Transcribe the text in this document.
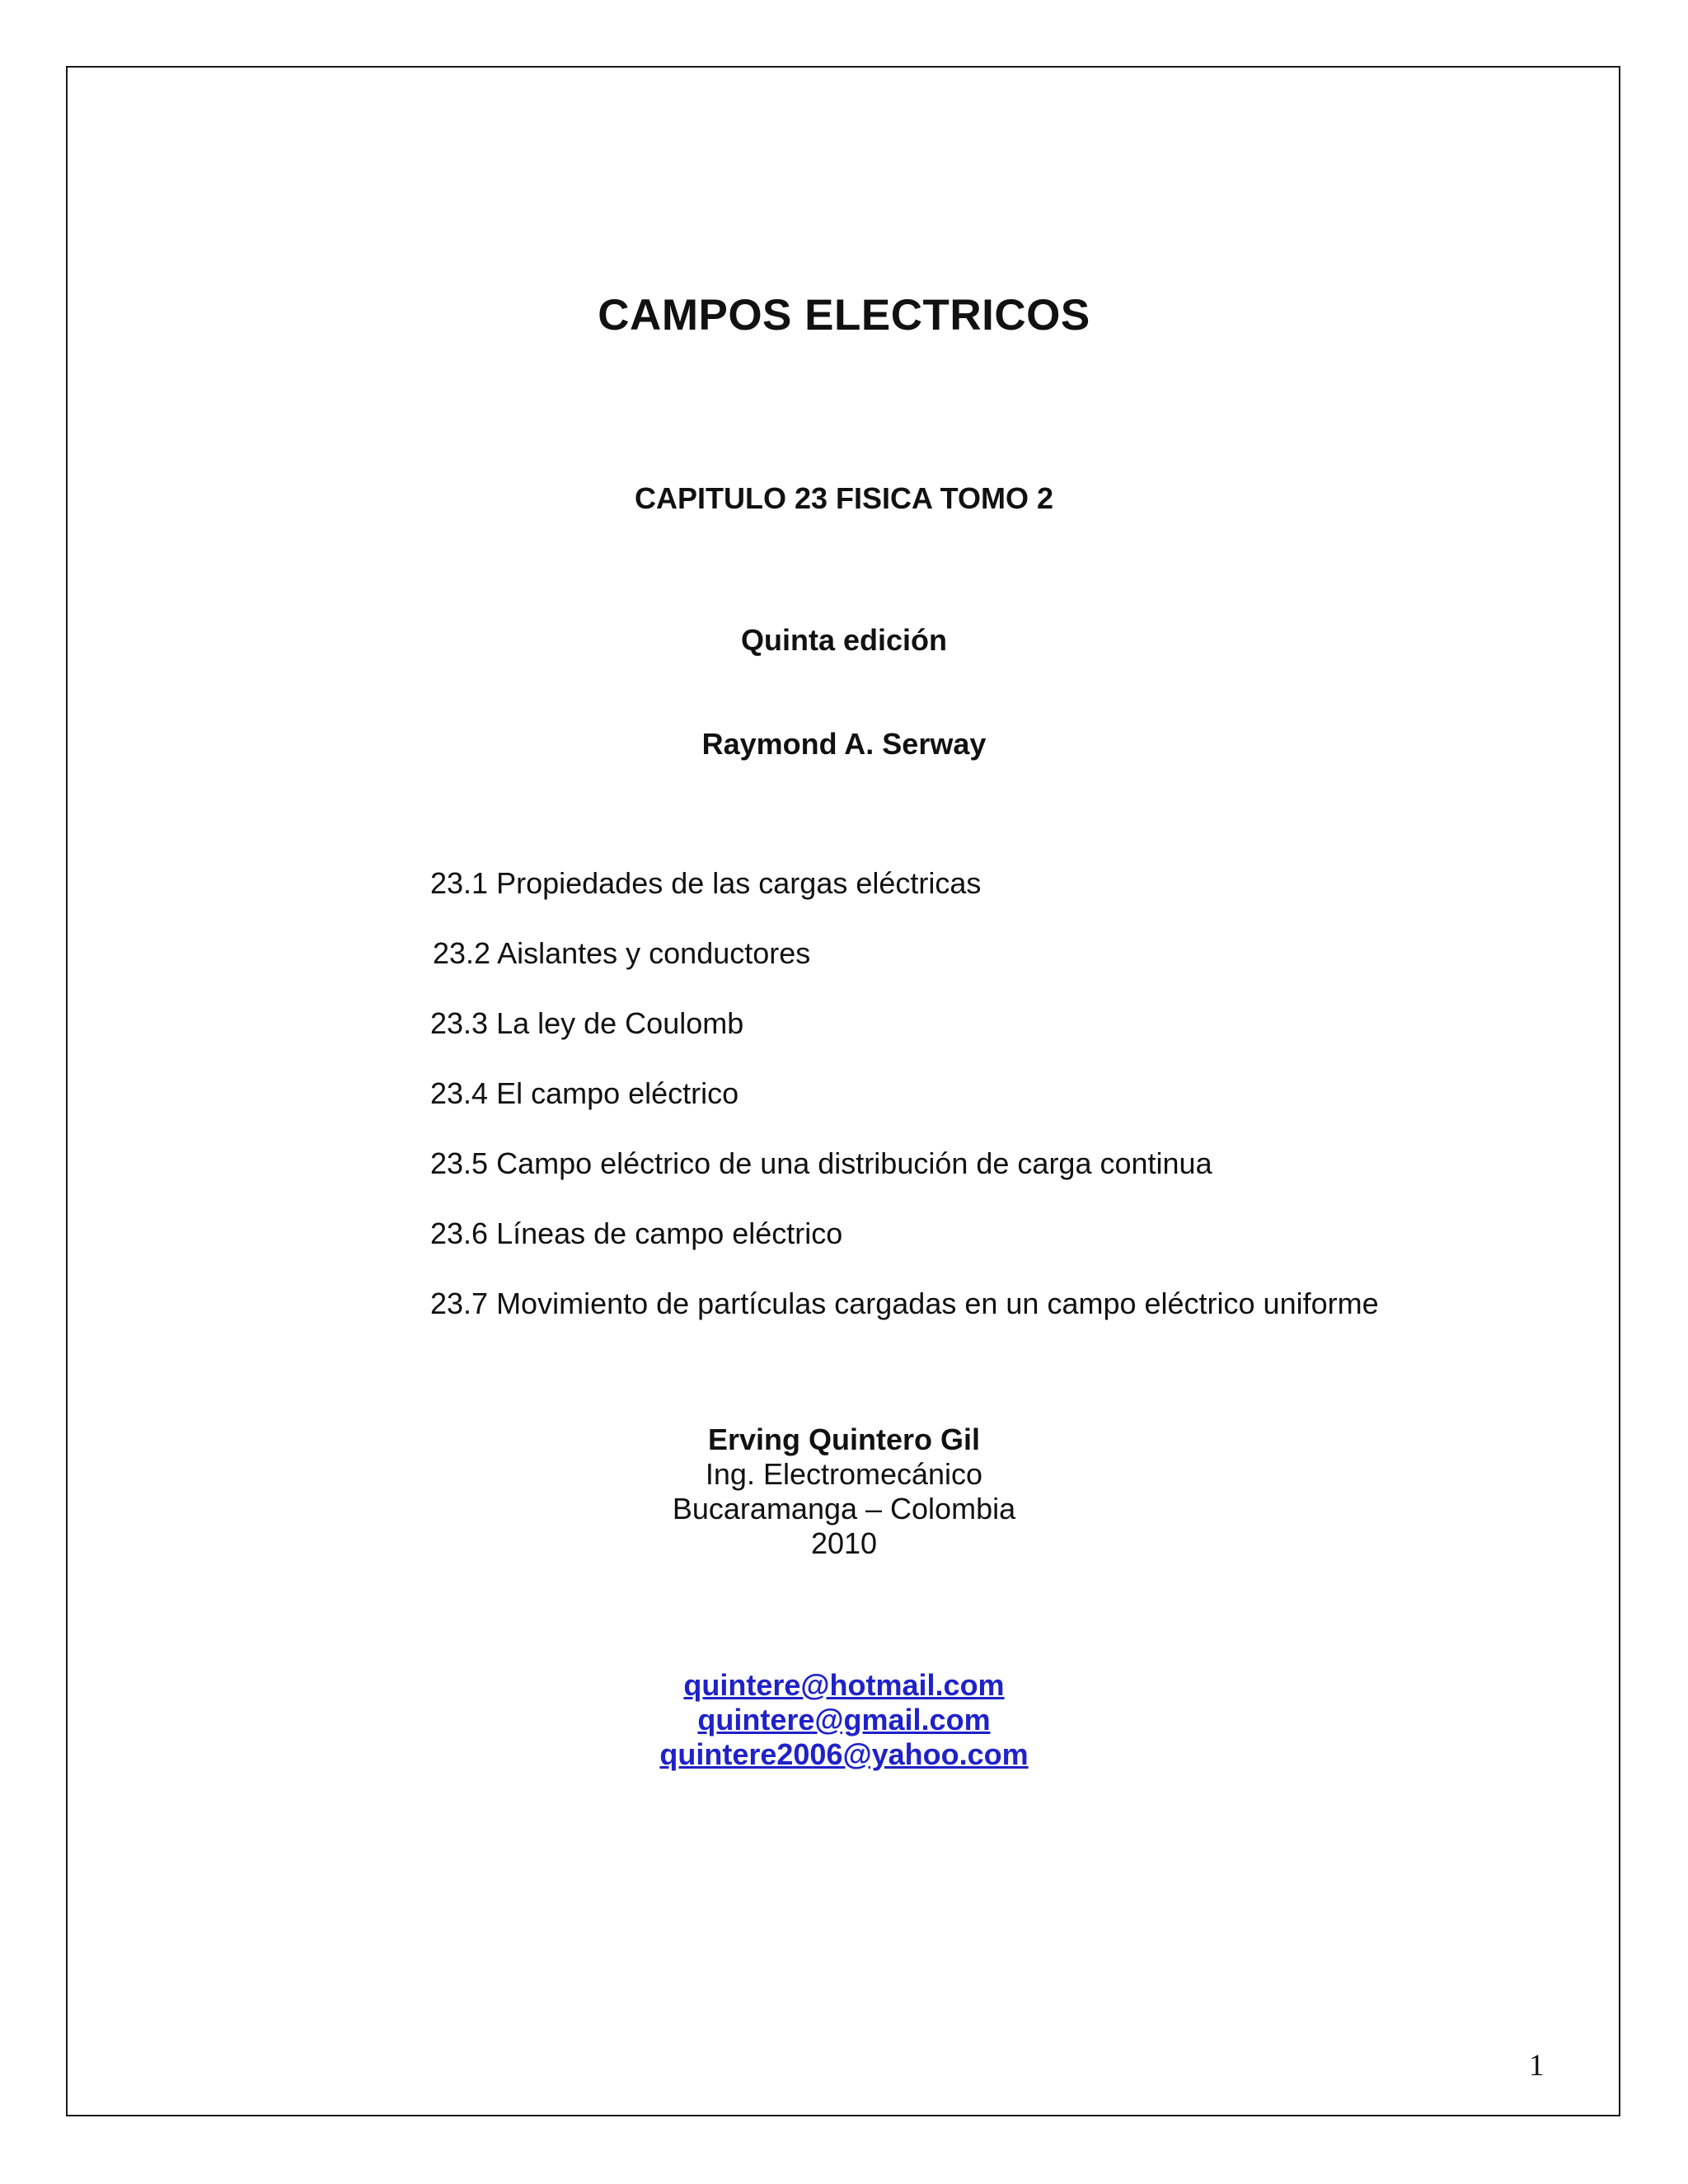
CAMPOS ELECTRICOS
CAPITULO 23 FISICA TOMO 2
Quinta edición
Raymond A. Serway
23.1 Propiedades de las cargas eléctricas
23.2 Aislantes y conductores
23.3 La ley de Coulomb
23.4 El campo eléctrico
23.5 Campo eléctrico de una distribución de carga continua
23.6 Líneas de campo eléctrico
23.7 Movimiento de partículas cargadas en un campo eléctrico uniforme
Erving Quintero Gil
Ing. Electromecánico
Bucaramanga – Colombia
2010
quintere@hotmail.com
quintere@gmail.com
quintere2006@yahoo.com
1
